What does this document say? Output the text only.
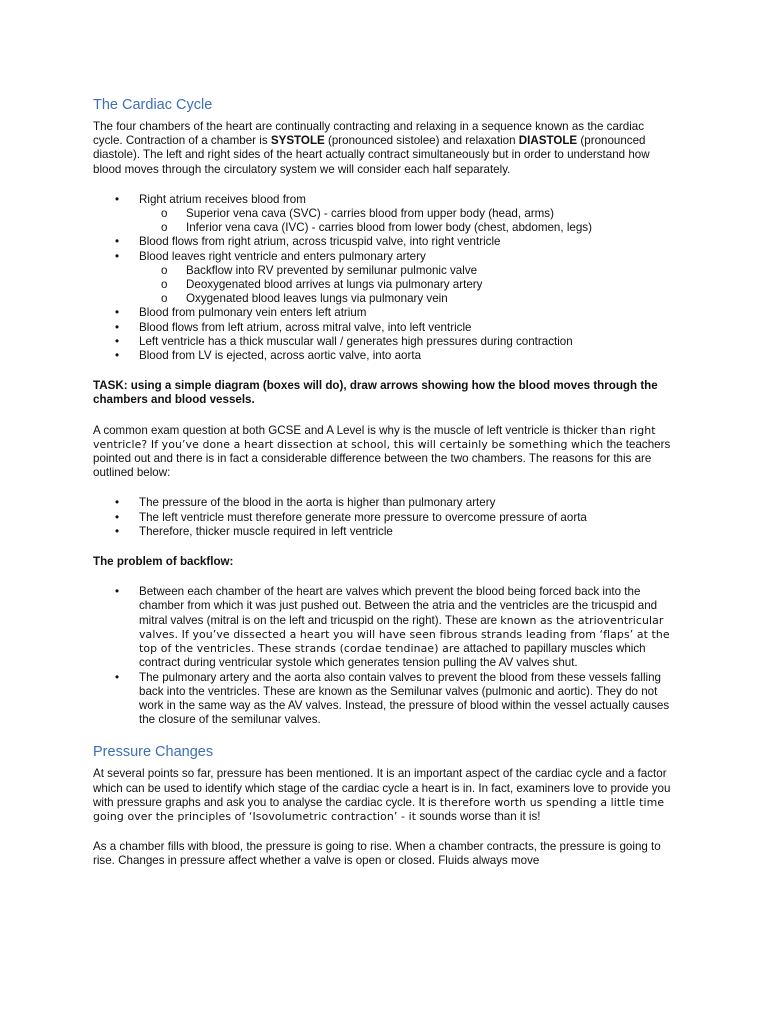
The Cardiac Cycle

The four chambers of the heart are continually contracting and relaxing in a sequence known as the cardiac cycle. Contraction of a chamber is SYSTOLE (pronounced sistolee) and relaxation DIASTOLE (pronounced diastole). The left and right sides of the heart actually contract simultaneously but in order to understand how blood moves through the circulatory system we will consider each half separately.

• Right atrium receives blood from
o Superior vena cava (SVC) - carries blood from upper body (head, arms)
o Inferior vena cava (IVC) - carries blood from lower body (chest, abdomen, legs)
• Blood flows from right atrium, across tricuspid valve, into right ventricle
• Blood leaves right ventricle and enters pulmonary artery
o Backflow into RV prevented by semilunar pulmonic valve
o Deoxygenated blood arrives at lungs via pulmonary artery
o Oxygenated blood leaves lungs via pulmonary vein
• Blood from pulmonary vein enters left atrium
• Blood flows from left atrium, across mitral valve, into left ventricle
• Left ventricle has a thick muscular wall / generates high pressures during contraction
• Blood from LV is ejected, across aortic valve, into aorta

TASK: using a simple diagram (boxes will do), draw arrows showing how the blood moves through the chambers and blood vessels.

A common exam question at both GCSE and A Level is why is the muscle of left ventricle is thicker than right ventricle? If you’ve done a heart dissection at school, this will certainly be something which the teachers pointed out and there is in fact a considerable difference between the two chambers. The reasons for this are outlined below:

• The pressure of the blood in the aorta is higher than pulmonary artery
• The left ventricle must therefore generate more pressure to overcome pressure of aorta
• Therefore, thicker muscle required in left ventricle

The problem of backflow:

• Between each chamber of the heart are valves which prevent the blood being forced back into the chamber from which it was just pushed out. Between the atria and the ventricles are the tricuspid and mitral valves (mitral is on the left and tricuspid on the right). These are known as the atrioventricular valves. If you’ve dissected a heart you will have seen fibrous strands leading from ‘flaps’ at the top of the ventricles. These strands (cordae tendinae) are attached to papillary muscles which contract during ventricular systole which generates tension pulling the AV valves shut.
• The pulmonary artery and the aorta also contain valves to prevent the blood from these vessels falling back into the ventricles. These are known as the Semilunar valves (pulmonic and aortic). They do not work in the same way as the AV valves. Instead, the pressure of blood within the vessel actually causes the closure of the semilunar valves.
Pressure Changes

At several points so far, pressure has been mentioned. It is an important aspect of the cardiac cycle and a factor which can be used to identify which stage of the cardiac cycle a heart is in. In fact, examiners love to provide you with pressure graphs and ask you to analyse the cardiac cycle. It is therefore worth us spending a little time going over the principles of ‘Isovolumetric contraction’ - it sounds worse than it is!

As a chamber fills with blood, the pressure is going to rise. When a chamber contracts, the pressure is going to rise. Changes in pressure affect whether a valve is open or closed. Fluids always move
